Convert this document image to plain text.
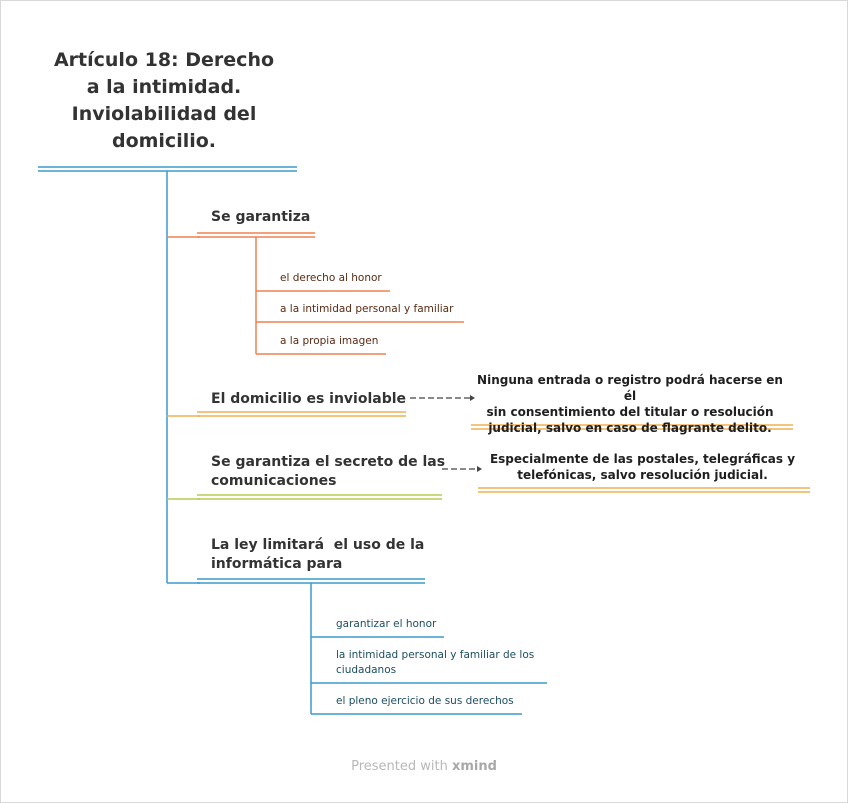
Artículo 18: Derecho
a la intimidad.
Inviolabilidad del
domicilio.
Se garantiza
el derecho al honor
a la intimidad personal y familiar
a la propia imagen
El domicilio es inviolable
Ninguna entrada o registro podrá hacerse en él
sin consentimiento del titular o resolución
judicial, salvo en caso de flagrante delito.
Se garantiza el secreto de las
comunicaciones
Especialmente de las postales, telegráficas y
telefónicas, salvo resolución judicial.
La ley limitará  el uso de la
informática para
garantizar el honor
la intimidad personal y familiar de los ciudadanos
el pleno ejercicio de sus derechos
Presented with xmind
